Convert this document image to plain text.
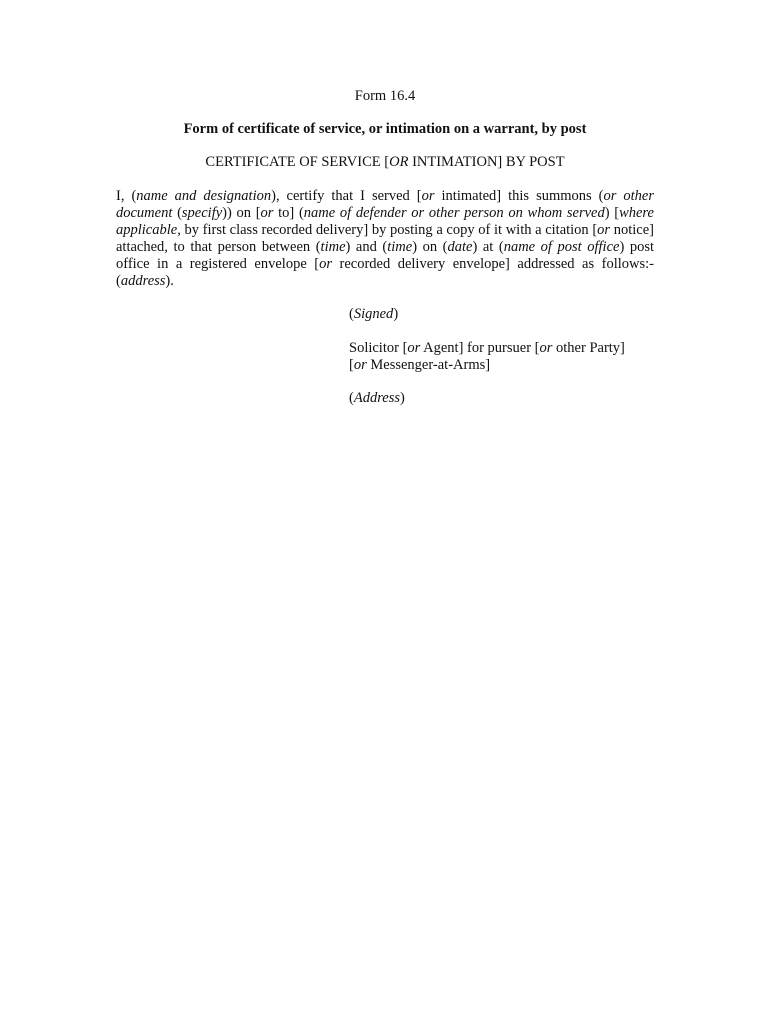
Form 16.4
Form of certificate of service, or intimation on a warrant, by post
CERTIFICATE OF SERVICE [OR INTIMATION] BY POST

I, (name and designation), certify that I served [or intimated] this summons (or other document (specify)) on [or to] (name of defender or other person on whom served) [where applicable, by first class recorded delivery] by posting a copy of it with a citation [or notice] attached, to that person between (time) and (time) on (date) at (name of post office) post office in a registered envelope [or recorded delivery envelope] addressed as follows:- (address).

(Signed)

Solicitor [or Agent] for pursuer [or other Party]
[or Messenger-at-Arms]

(Address)
